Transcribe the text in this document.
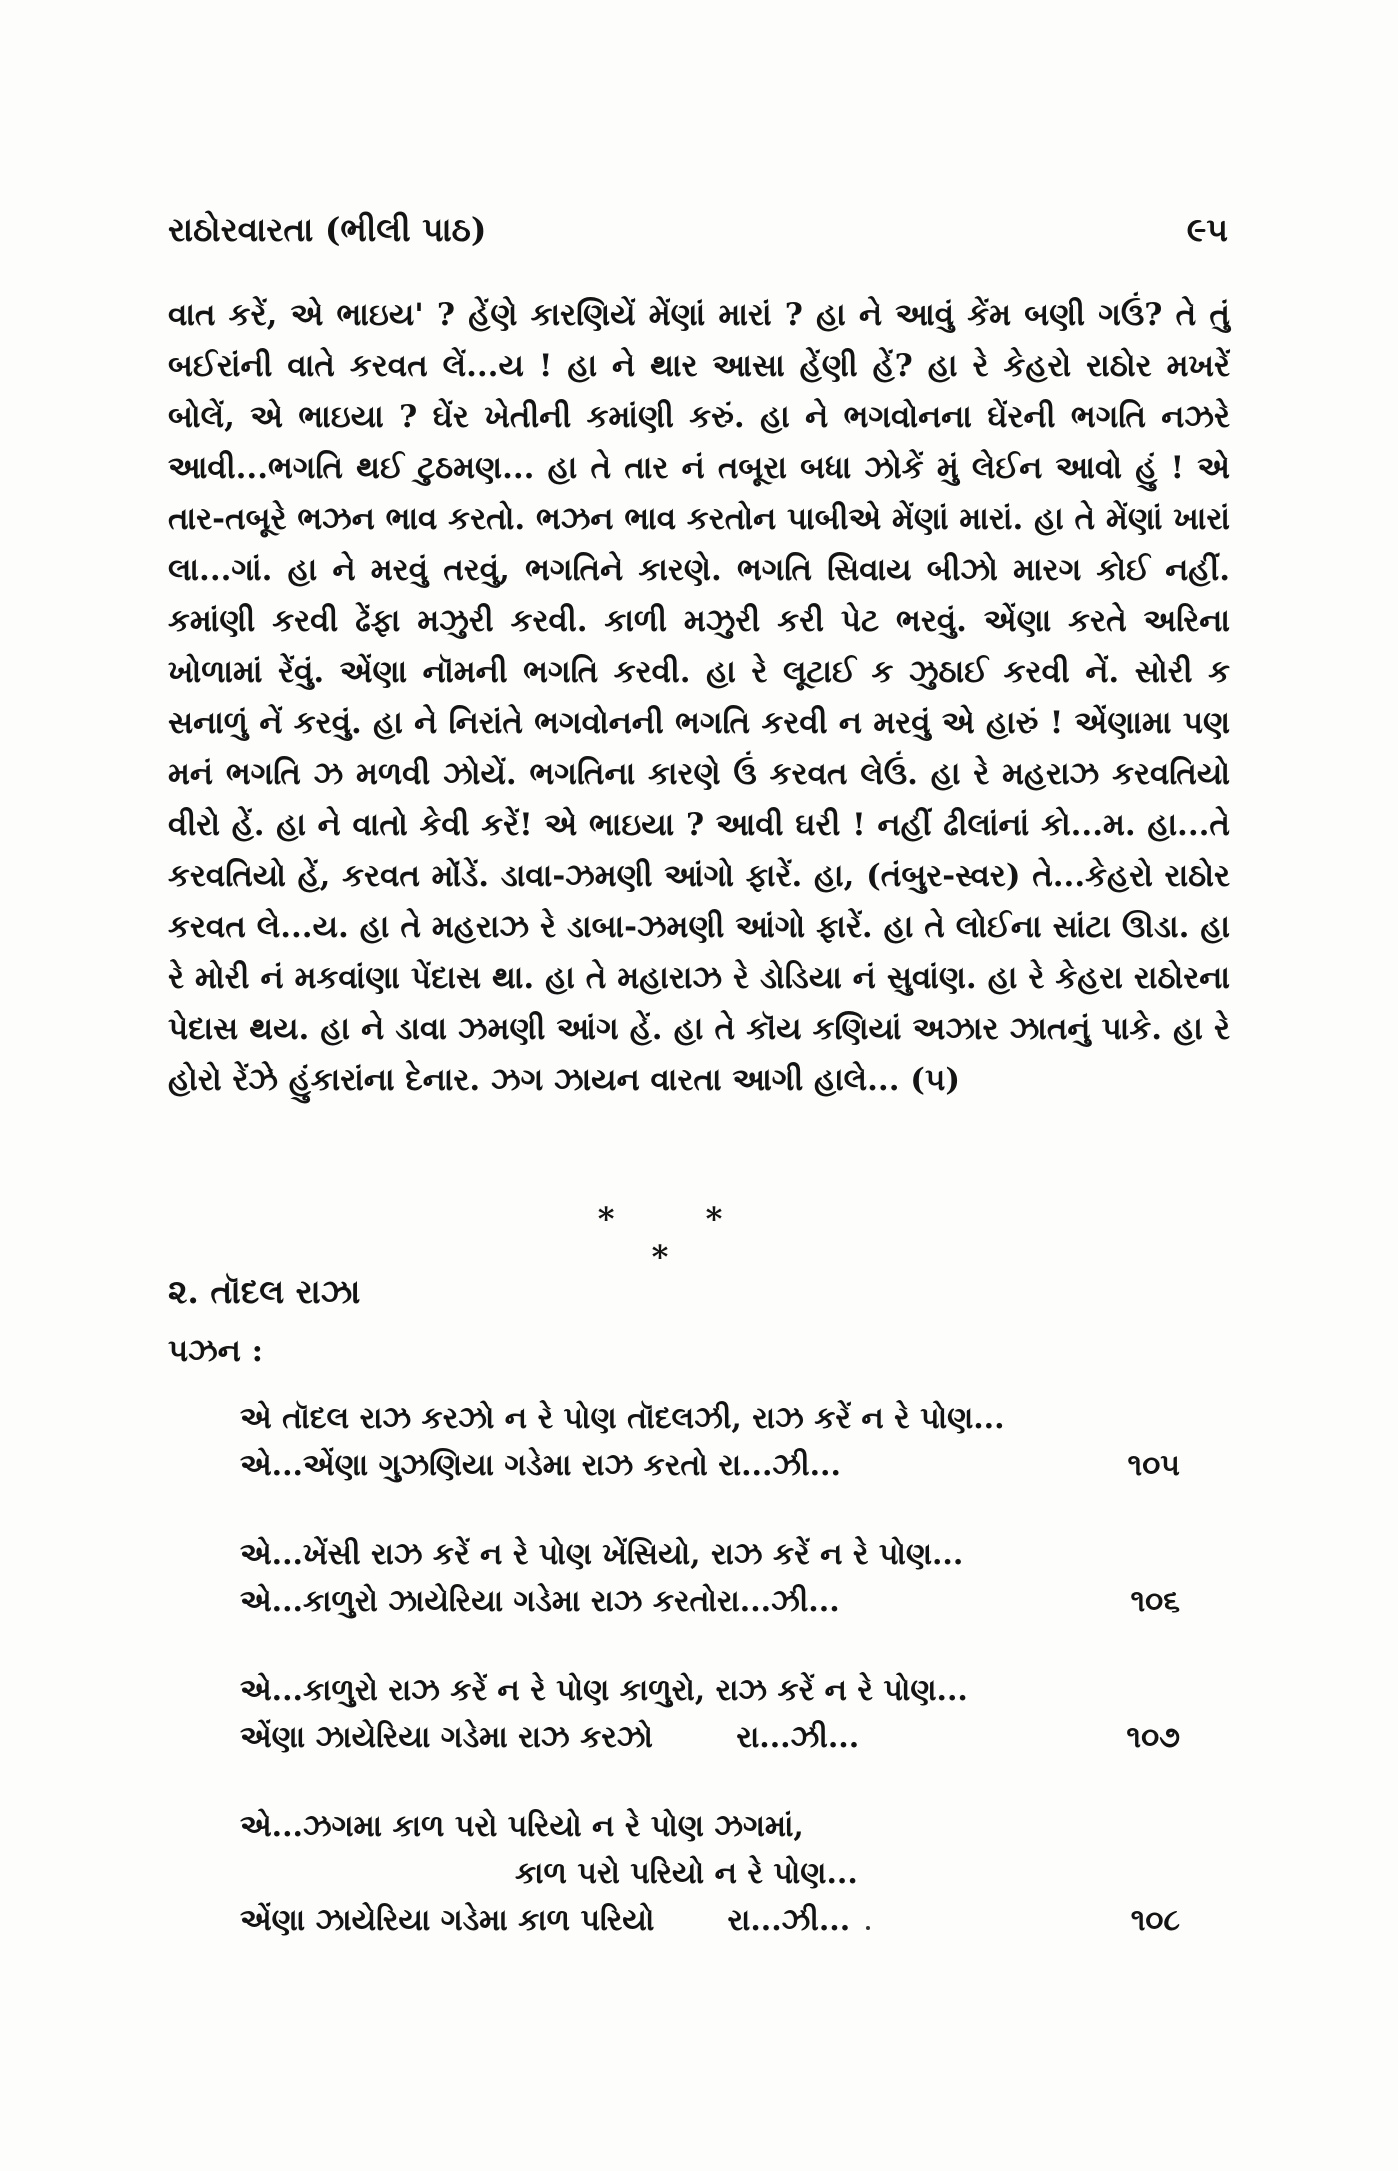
રાઠોરવારતા (ભીલી પાઠ)	૯૫

વાત કરેં, એ ભાઇય' ? હેંણે કારણિયેં મેંણાં મારાં ? હા ને આવું કેંમ બણી ગઉં? તે તું બઈરાંની વાતે કરવત લેં...ય ! હા ને થાર આસા હેંણી હેં? હા રે કેહરો રાઠોર મખરેં બોલેં, એ ભાઇયા ? ઘેંર ખેતીની કમાંણી કરું. હા ને ભગવોનના ઘેંરની ભગતિ નઝરે આવી...ભગતિ થઈ ટુઠમણ... હા તે તાર નં તબૂરા બધા ઝોકેં મું લેઈન આવો હું ! એ તાર-તબૂરે ભઝન ભાવ કરતો. ભઝન ભાવ કરતોન પાબીએ મેંણાં મારાં. હા તે મેંણાં ખારાં લા...ગાં. હા ને મરવું તરવું, ભગતિને કારણે. ભગતિ સિવાય બીઝો મારગ કોઈ નહીં. કમાંણી કરવી ઢેંફા મઝુરી કરવી. કાળી મઝુરી કરી પેટ ભરવું. એંણા કરતે અરિના ખોળામાં રેંવું. એંણા નૉમની ભગતિ કરવી. હા રે લૂટાઈ ક ઝુઠાઈ કરવી નેં. સોરી ક સનાળું નેં કરવું. હા ને નિરાંતે ભગવોનની ભગતિ કરવી ન મરવું એ હારું ! એંણામા પણ મનં ભગતિ ઝ મળવી ઝોયેં. ભગતિના કારણે ઉં કરવત લેઉં. હા રે મહરાઝ કરવતિયો વીરો હેં. હા ને વાતો કેવી કરેં! એ ભાઇયા ? આવી ઘરી ! નહીં ઢીલાંનાં કો...મ. હા...તે કરવતિયો હેં, કરવત મોંડેં. ડાવા-ઝમણી આંગો ફારેં. હા, (તંબુર-સ્વર) તે...કેહરો રાઠોર કરવત લે...ય. હા તે મહરાઝ રે ડાબા-ઝમણી આંગો ફારેં. હા તે લોઈના સાંટા ઊડા. હા રે મોરી નં મકવાંણા પેંદાસ થા. હા તે મહારાઝ રે ડોડિયા નં સુવાંણ. હા રે કેહરા રાઠોરના પેદાસ થય. હા ને ડાવા ઝમણી આંગ હેં. હા તે કૉય કણિયાં અઝાર ઝાતનું પાકે. હા રે હોરો રેંઝે હુંકારાંના દેનાર. ઝગ ઝાયન વારતા આગી હાલે... (૫)

* * *
૨. તૉદલ રાઝા
પઝન :
એ તૉદલ રાઝ કરઝો ન રે પોણ તૉદલઝી, રાઝ કરેં ન રે પોણ...
એ...એંણા ગુઝણિયા ગડેમા રાઝ કરતો રા...ઝી...	૧૦૫
એ...ખેંસી રાઝ કરેં ન રે પોણ ખેંસિયો, રાઝ કરેં ન રે પોણ...
એ...કાળુરો ઝાયેરિયા ગડેમા રાઝ કરતોરા...ઝી...	૧૦૬
એ...કાળુરો રાઝ કરેં ન રે પોણ કાળુરો, રાઝ કરેં ન રે પોણ...
એંણા ઝાયેરિયા ગડેમા રાઝ કરઝો        રા...ઝી...	૧૦૭
એ...ઝગમા કાળ પરો પરિયો ન રે પોણ ઝગમાં,
કાળ પરો પરિયો ન રે પોણ...
એંણા ઝાયેરિયા ગડેમા કાળ પરિયો       રા...ઝી...	૧૦૮
